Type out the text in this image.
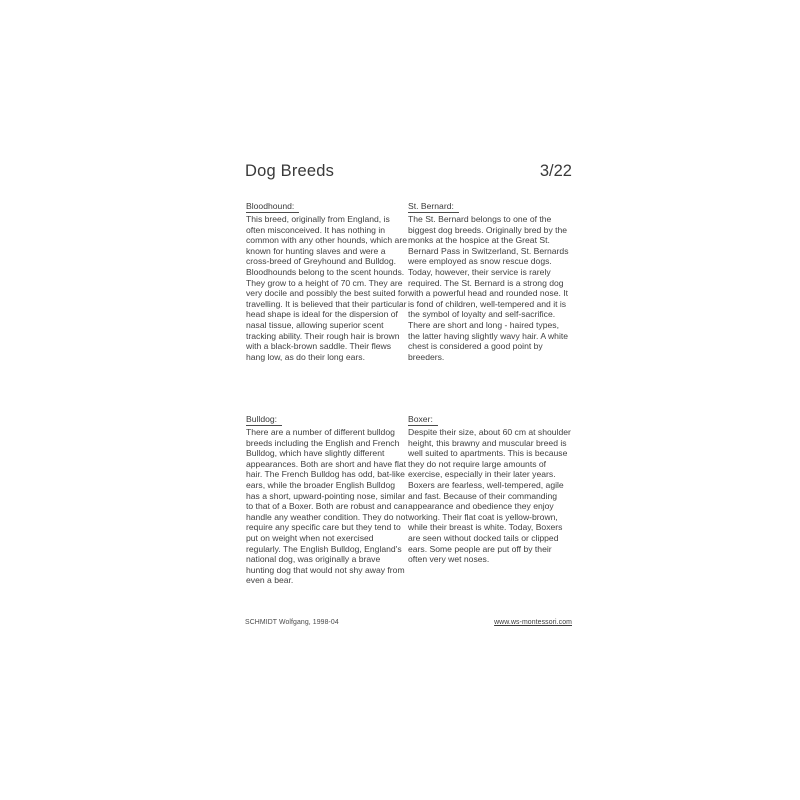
Dog Breeds	3/22
Bloodhound:
This breed, originally from England, is often misconceived. It has nothing in common with any other hounds, which are known for hunting slaves and were a cross-breed of Greyhound and Bulldog. Bloodhounds belong to the scent hounds. They grow to a height of 70 cm. They are very docile and possibly the best suited for travelling. It is believed that their particular head shape is ideal for the dispersion of nasal tissue, allowing superior scent tracking ability. Their rough hair is brown with a black-brown saddle. Their flews hang low, as do their long ears.
St. Bernard:
The St. Bernard belongs to one of the biggest dog breeds. Originally bred by the monks at the hospice at the Great St. Bernard Pass in Switzerland, St. Bernards were employed as snow rescue dogs. Today, however, their service is rarely required. The St. Bernard is a strong dog with a powerful head and rounded nose. It is fond of children, well-tempered and it is the symbol of loyalty and self-sacrifice. There are short and long - haired types, the latter having slightly wavy hair. A white chest is considered a good point by breeders.
Bulldog:
There are a number of different bulldog breeds including the English and French Bulldog, which have slightly different appearances. Both are short and have flat hair. The French Bulldog has odd, bat-like ears, while the broader English Bulldog has a short, upward-pointing nose, similar to that of a Boxer. Both are robust and can handle any weather condition. They do not require any specific care but they tend to put on weight when not exercised regularly. The English Bulldog, England's national dog, was originally a brave hunting dog that would not shy away from even a bear.
Boxer:
Despite their size, about 60 cm at shoulder height, this brawny and muscular breed is well suited to apartments. This is because they do not require large amounts of exercise, especially in their later years. Boxers are fearless, well-tempered, agile and fast. Because of their commanding appearance and obedience they enjoy working. Their flat coat is yellow-brown, while their breast is white. Today, Boxers are seen without docked tails or clipped ears. Some people are put off by their often very wet noses.
SCHMIDT Wolfgang, 1998-04	www.ws-montessori.com
